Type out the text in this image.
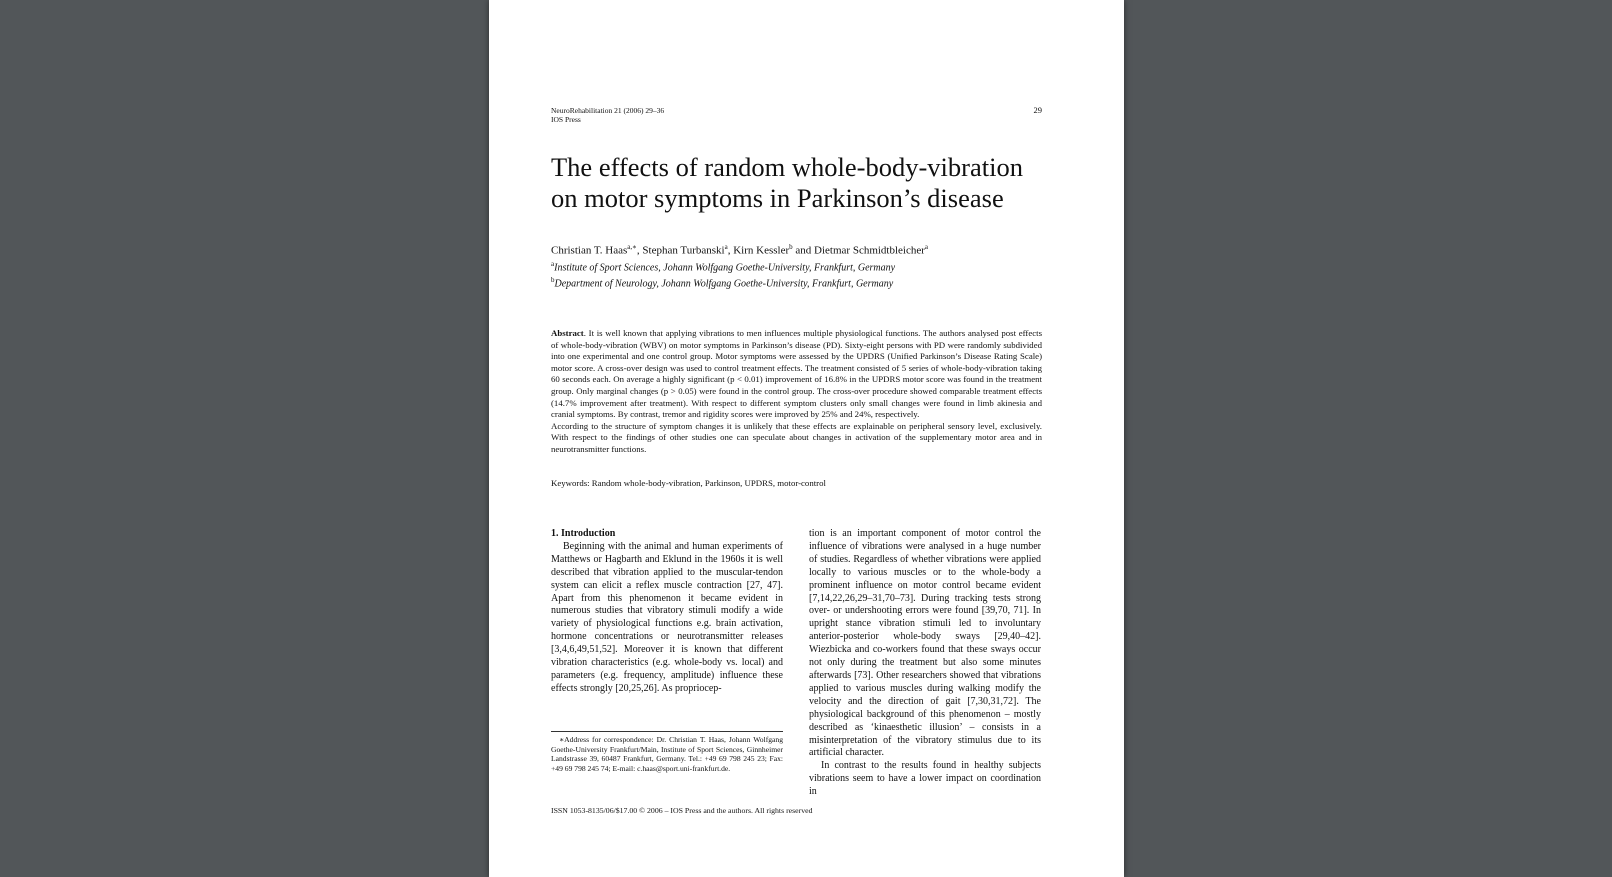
NeuroRehabilitation 21 (2006) 29–36
IOS Press
29
The effects of random whole-body-vibration
on motor symptoms in Parkinson’s disease
Christian T. Haas$^{a,∗}$, Stephan Turbanski$^a$, Kirn Kessler$^b$ and Dietmar Schmidtbleicher$^a$
$^a$Institute of Sport Sciences, Johann Wolfgang Goethe-University, Frankfurt, Germany
$^b$Department of Neurology, Johann Wolfgang Goethe-University, Frankfurt, Germany

Abstract. It is well known that applying vibrations to men influences multiple physiological functions. The authors analysed post effects of whole-body-vibration (WBV) on motor symptoms in Parkinson’s disease (PD). Sixty-eight persons with PD were randomly subdivided into one experimental and one control group. Motor symptoms were assessed by the UPDRS (Unified Parkinson’s Disease Rating Scale) motor score. A cross-over design was used to control treatment effects. The treatment consisted of 5 series of whole-body-vibration taking 60 seconds each. On average a highly significant (p < 0.01) improvement of 16.8% in the UPDRS motor score was found in the treatment group. Only marginal changes (p > 0.05) were found in the control group. The cross-over procedure showed comparable treatment effects (14.7% improvement after treatment). With respect to different symptom clusters only small changes were found in limb akinesia and cranial symptoms. By contrast, tremor and rigidity scores were improved by 25% and 24%, respectively.

According to the structure of symptom changes it is unlikely that these effects are explainable on peripheral sensory level, exclusively. With respect to the findings of other studies one can speculate about changes in activation of the supplementary motor area and in neurotransmitter functions.

Keywords: Random whole-body-vibration, Parkinson, UPDRS, motor-control

1. Introduction

Beginning with the animal and human experiments of Matthews or Hagbarth and Eklund in the 1960s it is well described that vibration applied to the muscular-tendon system can elicit a reflex muscle contraction [27, 47]. Apart from this phenomenon it became evident in numerous studies that vibratory stimuli modify a wide variety of physiological functions e.g. brain activation, hormone concentrations or neurotransmitter releases [3,4,6,49,51,52]. Moreover it is known that different vibration characteristics (e.g. whole-body vs. local) and parameters (e.g. frequency, amplitude) influence these effects strongly [20,25,26]. As propriocep-

tion is an important component of motor control the influence of vibrations were analysed in a huge number of studies. Regardless of whether vibrations were applied locally to various muscles or to the whole-body a prominent influence on motor control became evident [7,14,22,26,29–31,70–73]. During tracking tests strong over- or undershooting errors were found [39,70, 71]. In upright stance vibration stimuli led to involuntary anterior-posterior whole-body sways [29,40–42]. Wiezbicka and co-workers found that these sways occur not only during the treatment but also some minutes afterwards [73]. Other researchers showed that vibrations applied to various muscles during walking modify the velocity and the direction of gait [7,30,31,72]. The physiological background of this phenomenon – mostly described as ‘kinaesthetic illusion’ – consists in a misinterpretation of the vibratory stimulus due to its artificial character.

In contrast to the results found in healthy subjects vibrations seem to have a lower impact on coordination in

∗Address for correspondence: Dr. Christian T. Haas, Johann Wolfgang Goethe-University Frankfurt/Main, Institute of Sport Sciences, Ginnheimer Landstrasse 39, 60487 Frankfurt, Germany. Tel.: +49 69 798 245 23; Fax: +49 69 798 245 74; E-mail: c.haas@sport.uni-frankfurt.de.

ISSN 1053-8135/06/$17.00 © 2006 – IOS Press and the authors. All rights reserved
